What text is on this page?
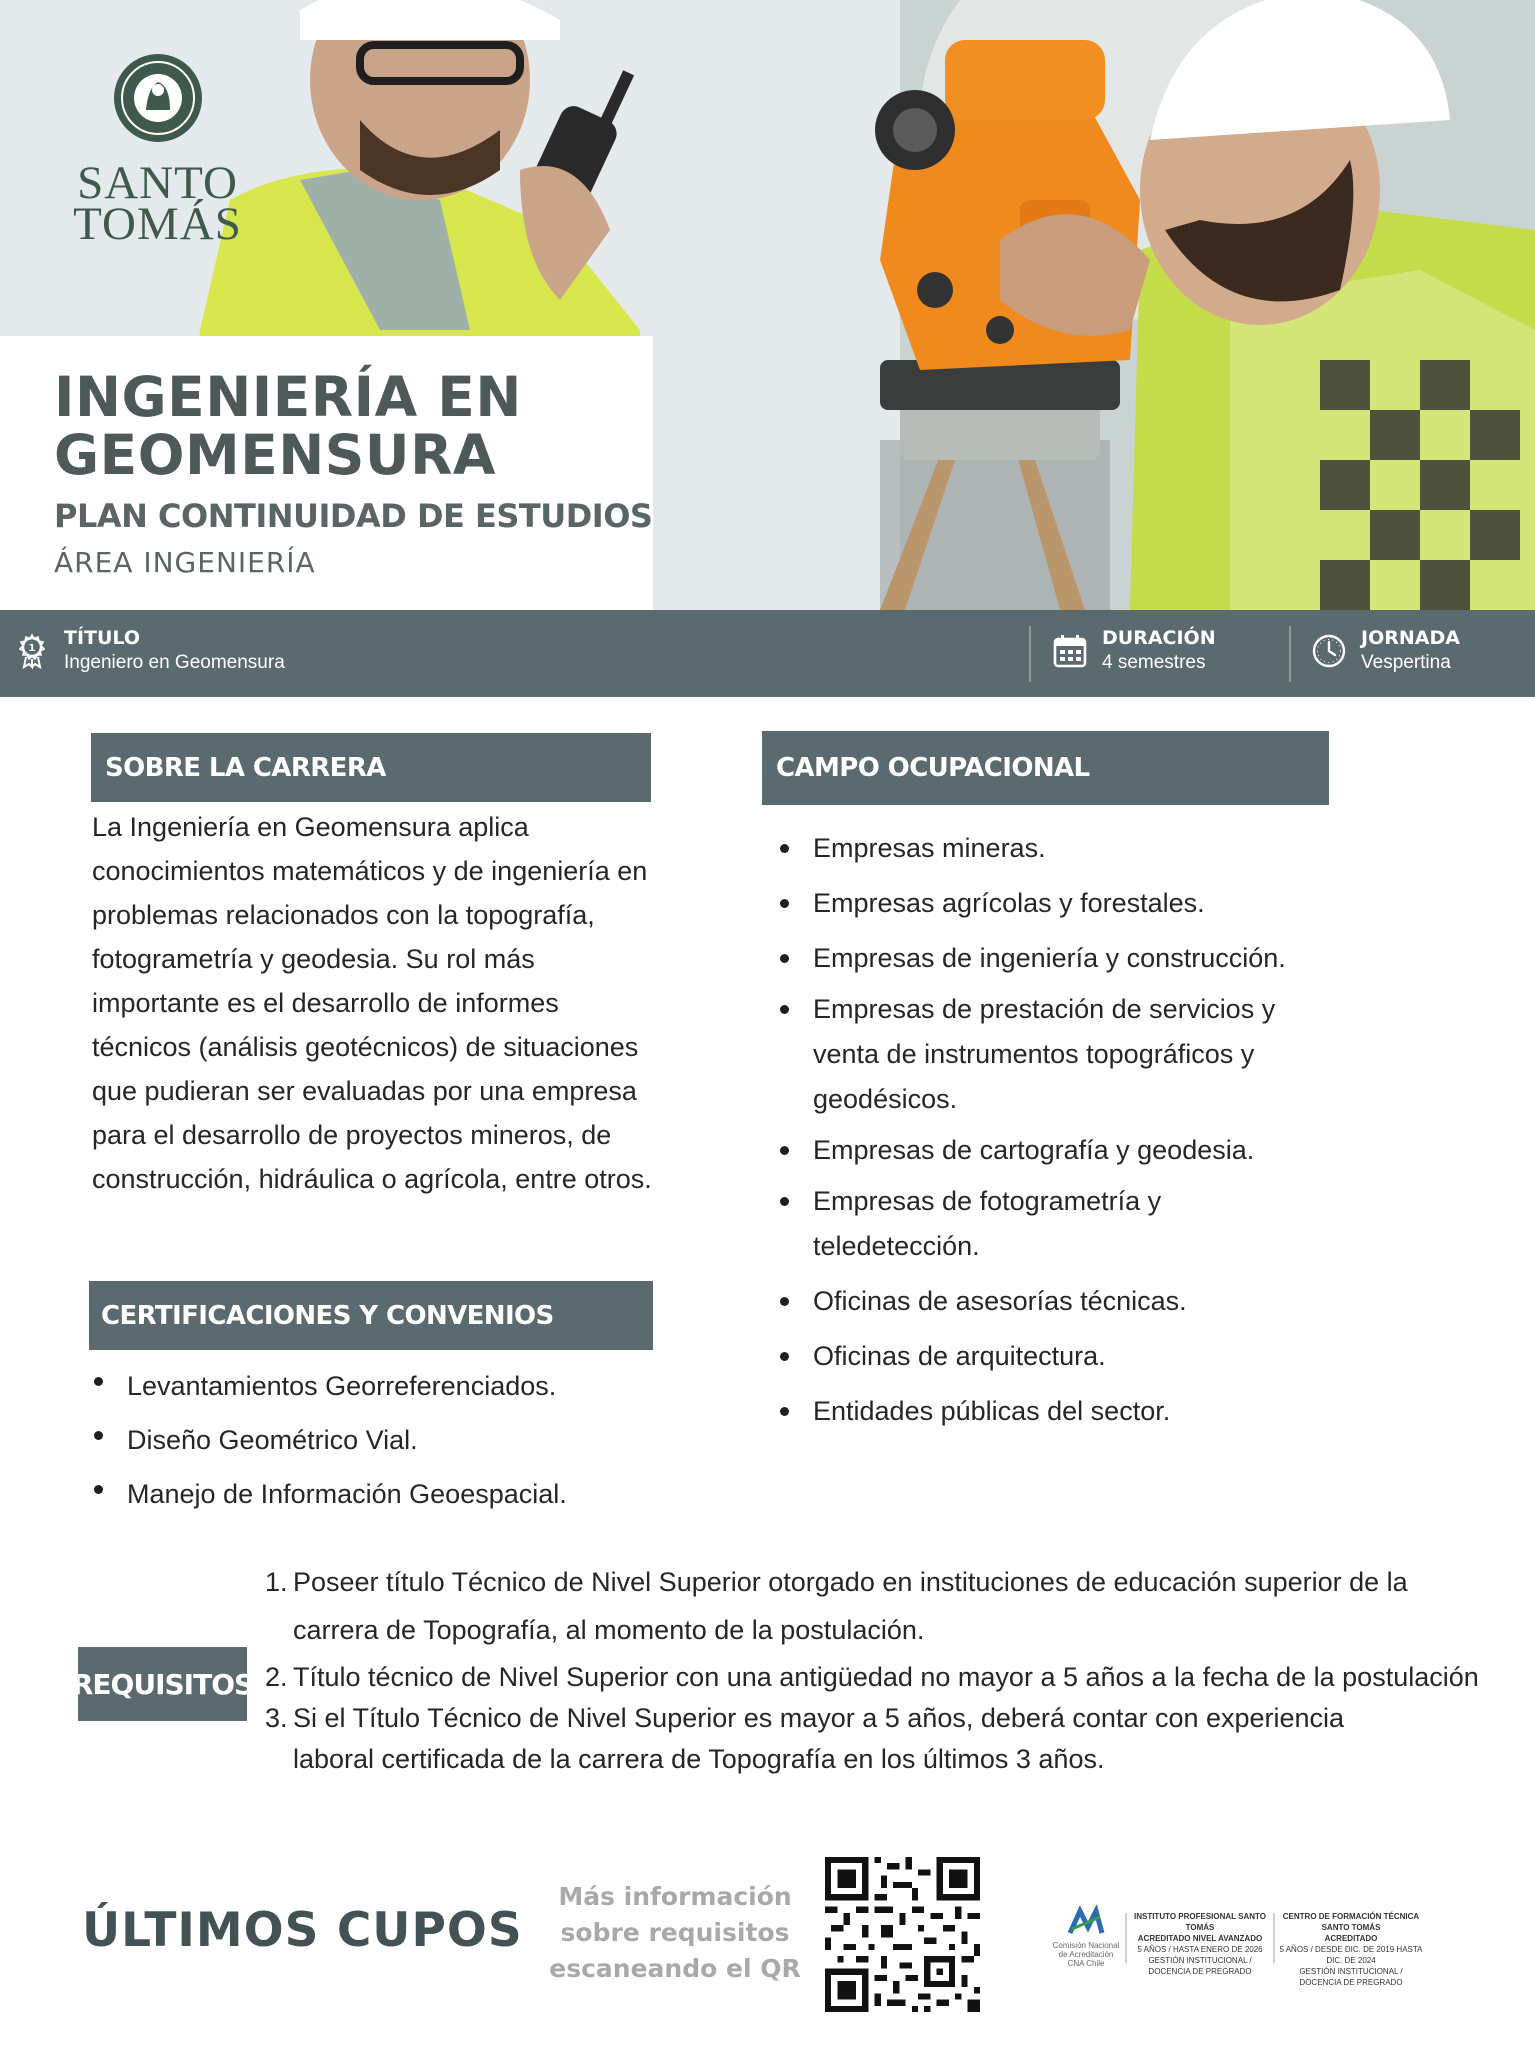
SANTO
TOMÁS
INGENIERÍA EN
GEOMENSURA
PLAN CONTINUIDAD DE ESTUDIOS
ÁREA INGENIERÍA
1 TÍTULO
Ingeniero en Geomensura
DURACIÓN
4 semestres
JORNADA
Vespertina
SOBRE LA CARRERA
La Ingeniería en Geomensura aplica conocimientos matemáticos y de ingeniería en problemas relacionados con la topografía, fotogrametría y geodesia. Su rol más importante es el desarrollo de informes técnicos (análisis geotécnicos) de situaciones que pudieran ser evaluadas por una empresa para el desarrollo de proyectos mineros, de construcción, hidráulica o agrícola, entre otros.
CERTIFICACIONES Y CONVENIOS
Levantamientos Georreferenciados.
Diseño Geométrico Vial.
Manejo de Información Geoespacial.
CAMPO OCUPACIONAL
Empresas mineras.
Empresas agrícolas y forestales.
Empresas de ingeniería y construcción.
Empresas de prestación de servicios y venta de instrumentos topográficos y geodésicos.
Empresas de cartografía y geodesia.
Empresas de fotogrametría y teledetección.
Oficinas de asesorías técnicas.
Oficinas de arquitectura.
Entidades públicas del sector.
REQUISITOS
1. Poseer título Técnico de Nivel Superior otorgado en instituciones de educación superior de la carrera de Topografía, al momento de la postulación.
2. Título técnico de Nivel Superior con una antigüedad no mayor a 5 años a la fecha de la postulación
3. Si el Título Técnico de Nivel Superior es mayor a 5 años, deberá contar con experiencia laboral certificada de la carrera de Topografía en los últimos 3 años.
ÚLTIMOS CUPOS
Más información
sobre requisitos
escaneando el QR
Comisión Nacional de Acreditación
CNA Chile
INSTITUTO PROFESIONAL SANTO TOMÁS
ACREDITADO NIVEL AVANZADO
5 AÑOS / HASTA ENERO DE 2026
GESTIÓN INSTITUCIONAL / DOCENCIA DE PREGRADO
CENTRO DE FORMACIÓN TÉCNICA SANTO TOMÁS
ACREDITADO
5 AÑOS / DESDE DIC. DE 2019 HASTA DIC. DE 2024
GESTIÓN INSTITUCIONAL / DOCENCIA DE PREGRADO
